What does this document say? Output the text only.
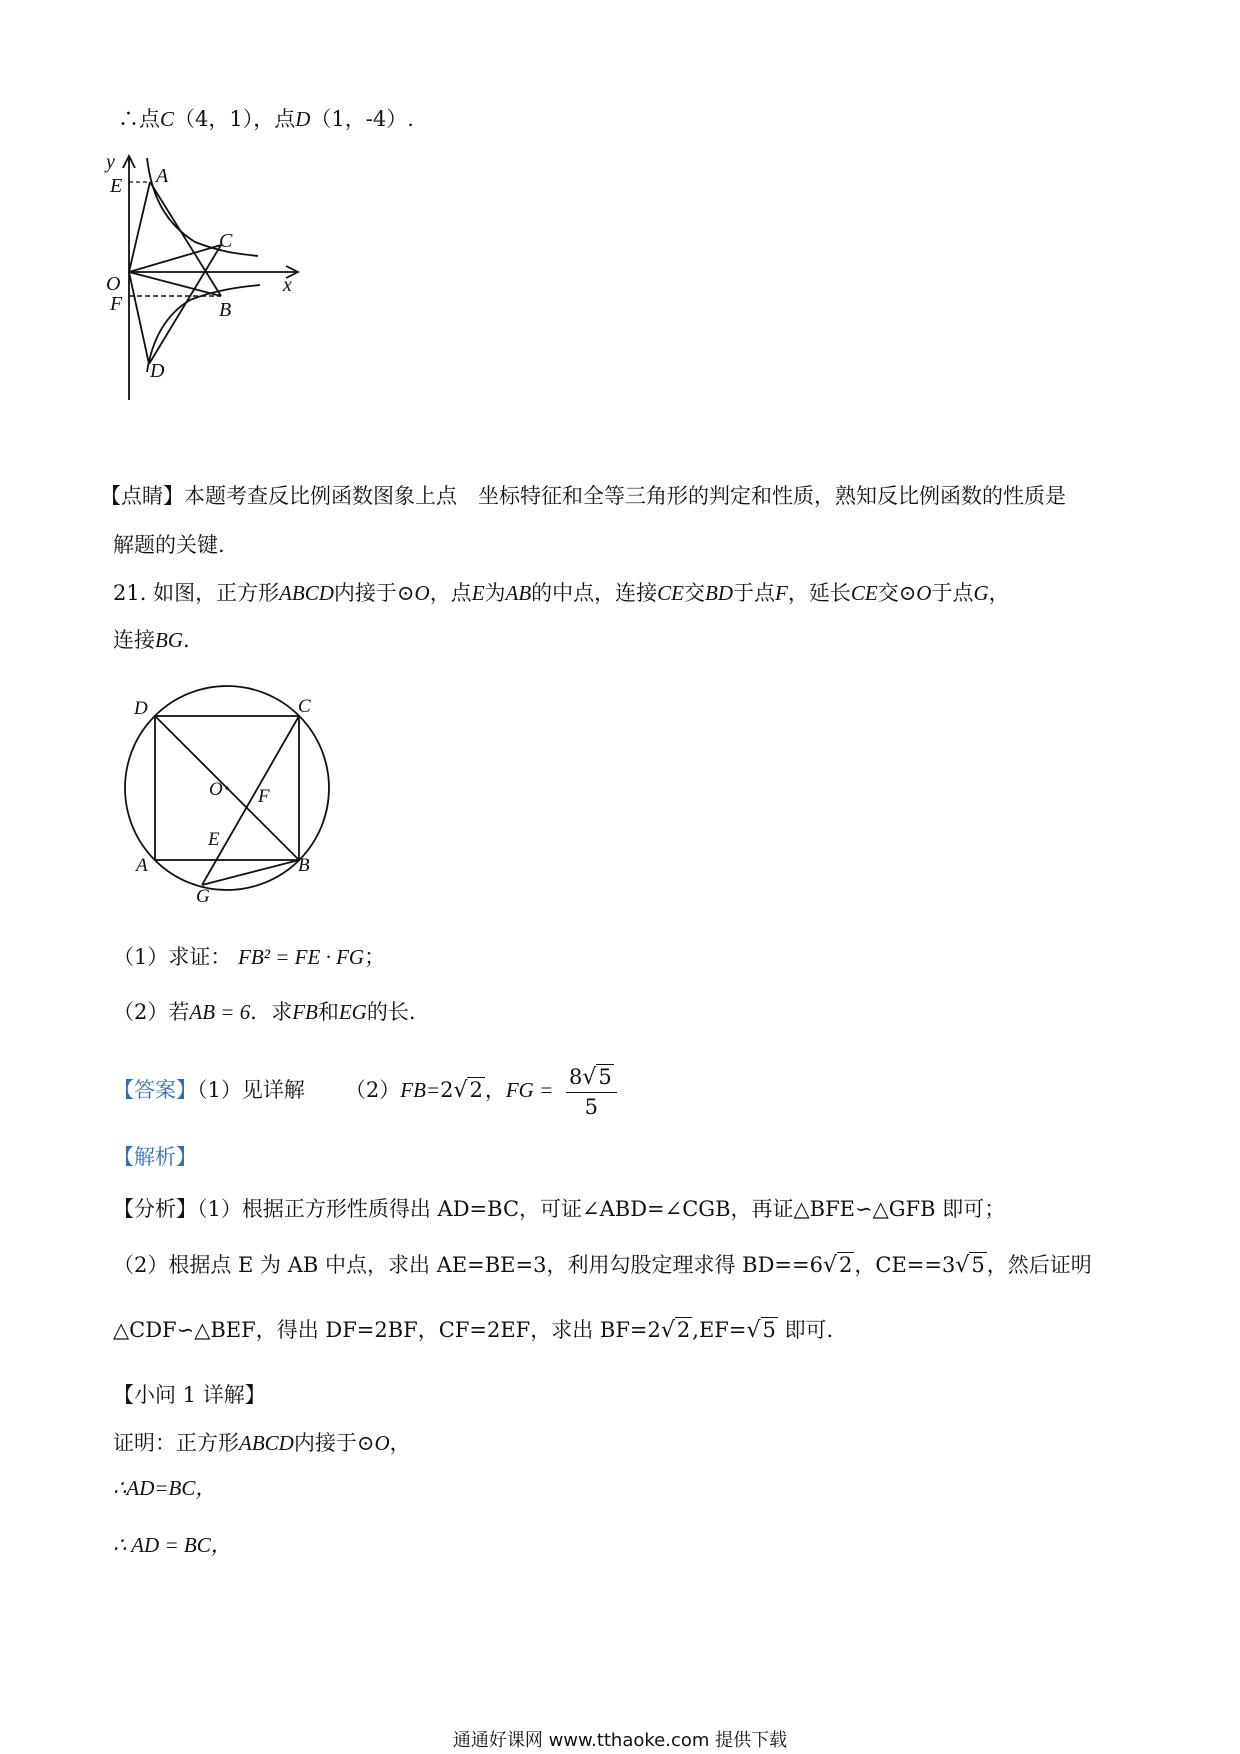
∴点C（4，1），点D（1，-4）.
y
x
E A
C
O
F	B
D
【点睛】本题考查反比例函数图象上点　坐标特征和全等三角形的判定和性质，熟知反比例函数的性质是
解题的关键.
21. 如图，正方形ABCD内接于⊙O，点E为AB的中点，连接CE交BD于点F，延长CE交⊙O于点G，
连接BG.
D	C
O F
E
A	B
G
（1）求证： FB² = FE · FG；
（2）若AB = 6．求FB和EG的长.
【答案】（1）见详解 （2）FB=2√2，FG = $\frac{8√5}{5}$
【解析】
【分析】（1）根据正方形性质得出 AD=BC，可证∠ABD=∠CGB，再证△BFE∽△GFB 即可；
（2）根据点 E 为 AB 中点，求出 AE=BE=3，利用勾股定理求得 BD==6√2，CE==3√5，然后证明
△CDF∽△BEF，得出 DF=2BF，CF=2EF，求出 BF=2√2,EF=√5 即可.
【小问 1 详解】
证明：正方形ABCD内接于⊙O，
∴AD=BC，
∴ AD = BC，
通通好课网 www.tthaoke.com 提供下载
